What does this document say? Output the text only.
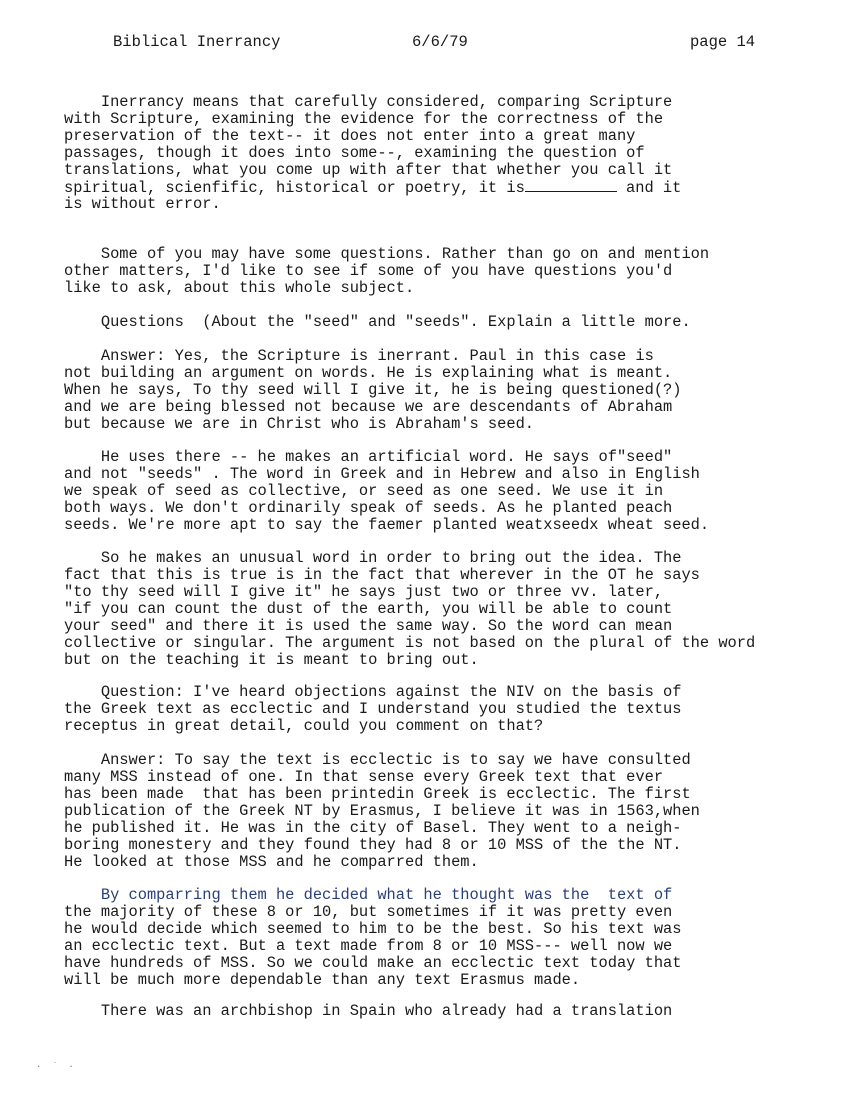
Biblical Inerrancy	6/6/79	page 14
Inerrancy means that carefully considered, comparing Scripture
with Scripture, examining the evidence for the correctness of the
preservation of the text-- it does not enter into a great many
passages, though it does into some--, examining the question of
translations, what you come up with after that whether you call it
spiritual, scienfific, historical or poetry, it is	and it
is without error.
Some of you may have some questions. Rather than go on and mention
other matters, I'd like to see if some of you have questions you'd
like to ask, about this whole subject.
Questions  (About the "seed" and "seeds". Explain a little more.
Answer: Yes, the Scripture is inerrant. Paul in this case is
not building an argument on words. He is explaining what is meant.
When he says, To thy seed will I give it, he is being questioned(?)
and we are being blessed not because we are descendants of Abraham
but because we are in Christ who is Abraham's seed.
He uses there -- he makes an artificial word. He says of"seed"
and not "seeds" . The word in Greek and in Hebrew and also in English
we speak of seed as collective, or seed as one seed. We use it in
both ways. We don't ordinarily speak of seeds. As he planted peach
seeds. We're more apt to say the faemer planted weatxseedx wheat seed.
So he makes an unusual word in order to bring out the idea. The
fact that this is true is in the fact that wherever in the OT he says
"to thy seed will I give it" he says just two or three vv. later,
"if you can count the dust of the earth, you will be able to count
your seed" and there it is used the same way. So the word can mean
collective or singular. The argument is not based on the plural of the word
but on the teaching it is meant to bring out.
Question: I've heard objections against the NIV on the basis of
the Greek text as ecclectic and I understand you studied the textus
receptus in great detail, could you comment on that?
Answer: To say the text is ecclectic is to say we have consulted
many MSS instead of one. In that sense every Greek text that ever
has been made  that has been printedin Greek is ecclectic. The first
publication of the Greek NT by Erasmus, I believe it was in 1563,when
he published it. He was in the city of Basel. They went to a neigh-
boring monestery and they found they had 8 or 10 MSS of the the NT.
He looked at those MSS and he comparred them.
By comparring them he decided what he thought was the  text of
the majority of these 8 or 10, but sometimes if it was pretty even
he would decide which seemed to him to be the best. So his text was
an ecclectic text. But a text made from 8 or 10 MSS--- well now we
have hundreds of MSS. So we could make an ecclectic text today that
will be much more dependable than any text Erasmus made.
There was an archbishop in Spain who already had a translation
·  ˙  ·
